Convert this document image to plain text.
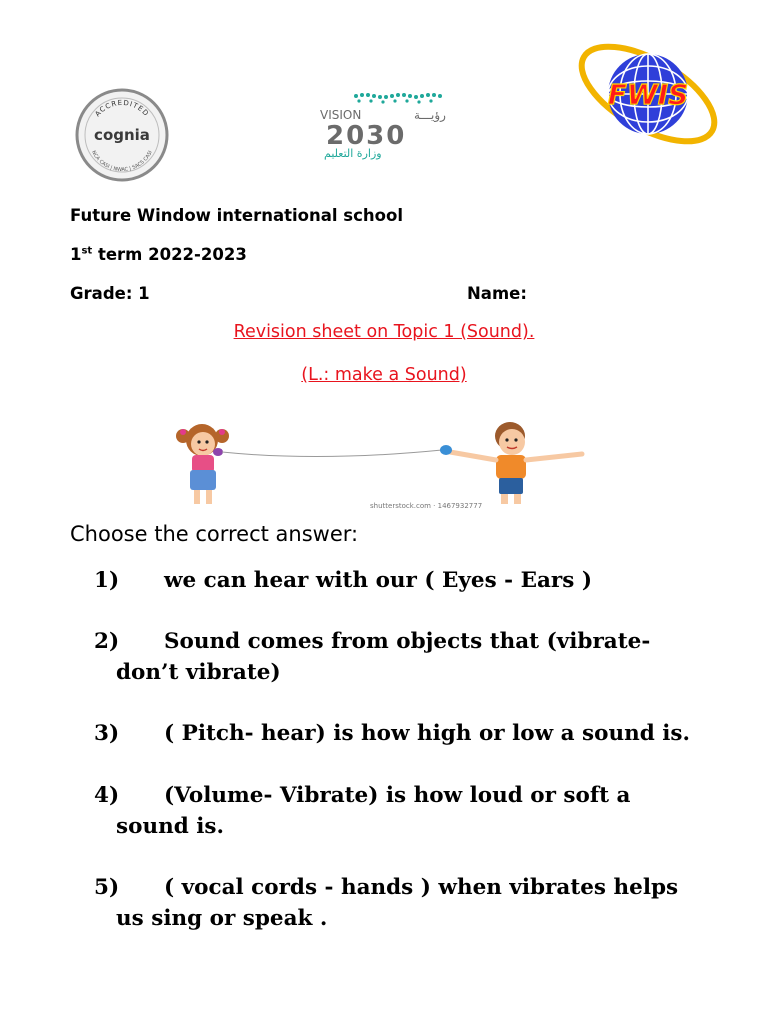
ACCREDITED
cognia
NCA CASI | NWAC | SACS CASI
VISION	رؤيـــة
2030
وزارة التعليم
FWIS
Future Window international school
1st term 2022-2023
Grade: 1	Name:
Revision sheet on Topic 1 (Sound).
(L.: make a Sound)
shutterstock.com · 1467932777
Choose the correct answer:
1) we can hear with our ( Eyes - Ears )
2) Sound comes from objects that (vibrate-
don’t vibrate)
3) ( Pitch- hear) is how high or low a sound is.
4) (Volume- Vibrate) is how loud or soft a
sound is.
5) ( vocal cords - hands ) when vibrates helps
us sing or speak .
